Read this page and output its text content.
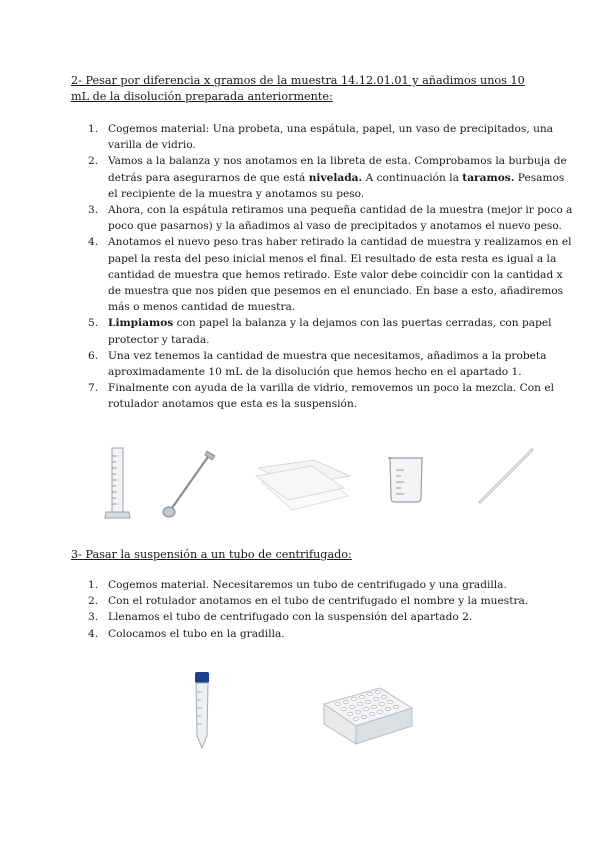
2- Pesar por diferencia x gramos de la muestra 14.12.01.01 y añadimos unos 10 mL de la disolución preparada anteriormente:
Cogemos material: Una probeta, una espátula, papel, un vaso de precipitados, una varilla de vidrio.
Vamos a la balanza y nos anotamos en la libreta de esta. Comprobamos la burbuja de detrás para asegurarnos de que está nivelada. A continuación la taramos. Pesamos el recipiente de la muestra y anotamos su peso.
Ahora, con la espátula retiramos una pequeña cantidad de la muestra (mejor ir poco a poco que pasarnos) y la añadimos al vaso de precipitados y anotamos el nuevo peso.
Anotamos el nuevo peso tras haber retirado la cantidad de muestra y realizamos en el papel la resta del peso inicial menos el final. El resultado de esta resta es igual a la cantidad de muestra que hemos retirado. Este valor debe coincidir con la cantidad x de muestra que nos piden que pesemos en el enunciado. En base a esto, añadiremos más o menos cantidad de muestra.
Limpiamos con papel la balanza y la dejamos con las puertas cerradas, con papel protector y tarada.
Una vez tenemos la cantidad de muestra que necesitamos, añadimos a la probeta aproximadamente 10 mL de la disolución que hemos hecho en el apartado 1.
Finalmente con ayuda de la varilla de vidrio, removemos un poco la mezcla. Con el rotulador anotamos que esta es la suspensión.
3- Pasar la suspensión a un tubo de centrifugado:
Cogemos material. Necesitaremos un tubo de centrifugado y una gradilla.
Con el rotulador anotamos en el tubo de centrifugado el nombre y la muestra.
Llenamos el tubo de centrifugado con la suspensión del apartado 2.
Colocamos el tubo en la gradilla.
